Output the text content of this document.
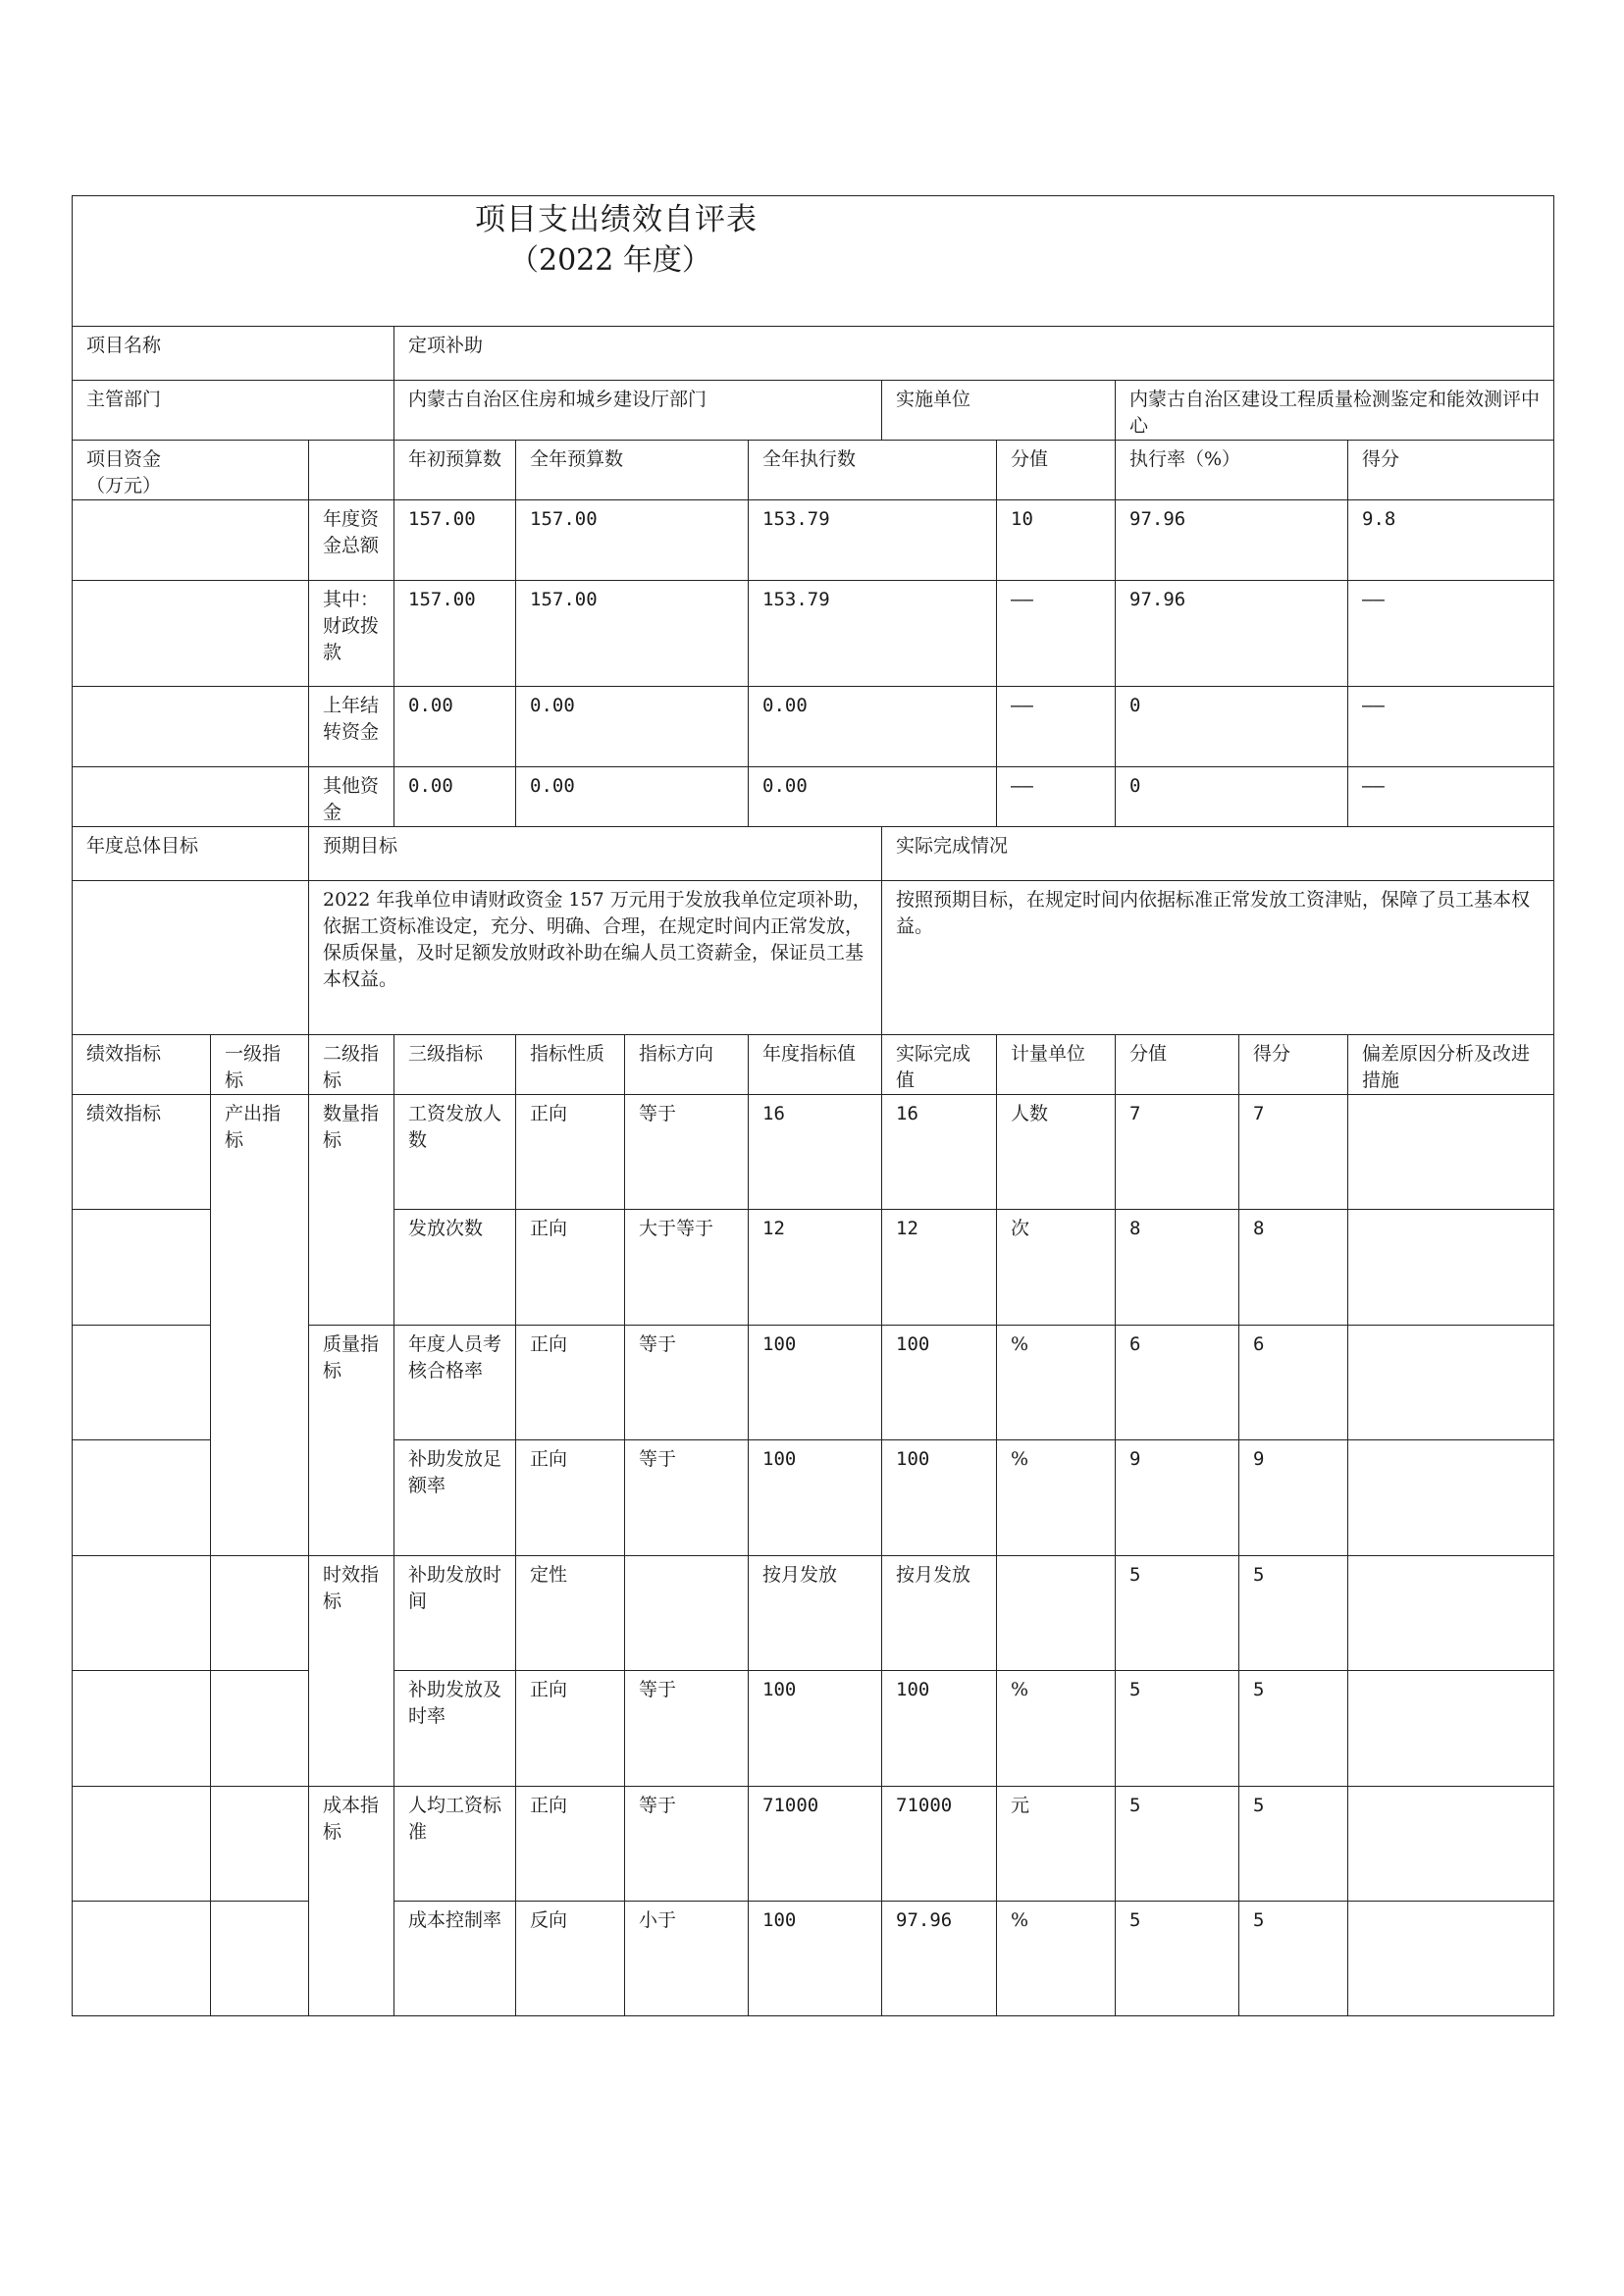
项目支出绩效自评表
（2022 年度）											

项目名称			定项补助								
主管部门			内蒙古自治区住房和城乡建设厅部门				实施单位		内蒙古自治区建设工程质量检测鉴定和能效测评中心		

项目资金（万元）			年初预算数	全年预算数		全年执行数		分值	执行率（%）		得分
		年度资金总额	157.00	157.00		153.79		10	97.96		9.8
		其中：财政拨款	157.00	157.00		153.79		——	97.96		——
		上年结转资金	0.00	0.00		0.00		——	0		——
		其他资金	0.00	0.00		0.00		——	0		——
年度总体目标		预期目标					实际完成情况				
		2022 年我单位申请财政资金 157 万元用于发放我单位定项补助，依据工资标准设定，充分、明确、合理，在规定时间内正常发放，保质保量，及时足额发放财政补助在编人员工资薪金，保证员工基本权益。					按照预期目标，在规定时间内依据标准正常发放工资津贴，保障了员工基本权益。				
绩效指标	一级指标	二级指标	三级指标	指标性质	指标方向	年度指标值	实际完成值	计量单位	分值	得分	偏差原因分析及改进措施
绩效指标	产出指标	数量指标	工资发放人数	正向	等于	16	16	人数	7	7	
			发放次数	正向	大于等于	12	12	次	8	8	
		质量指标	年度人员考核合格率	正向	等于	100	100	%	6	6	
			补助发放足额率	正向	等于	100	100	%	9	9	
		时效指标	补助发放时间	定性		按月发放	按月发放		5	5	
			补助发放及时率	正向	等于	100	100	%	5	5	
		成本指标	人均工资标准	正向	等于	71000	71000	元	5	5	
			成本控制率	反向	小于	100	97.96	%	5	5	
